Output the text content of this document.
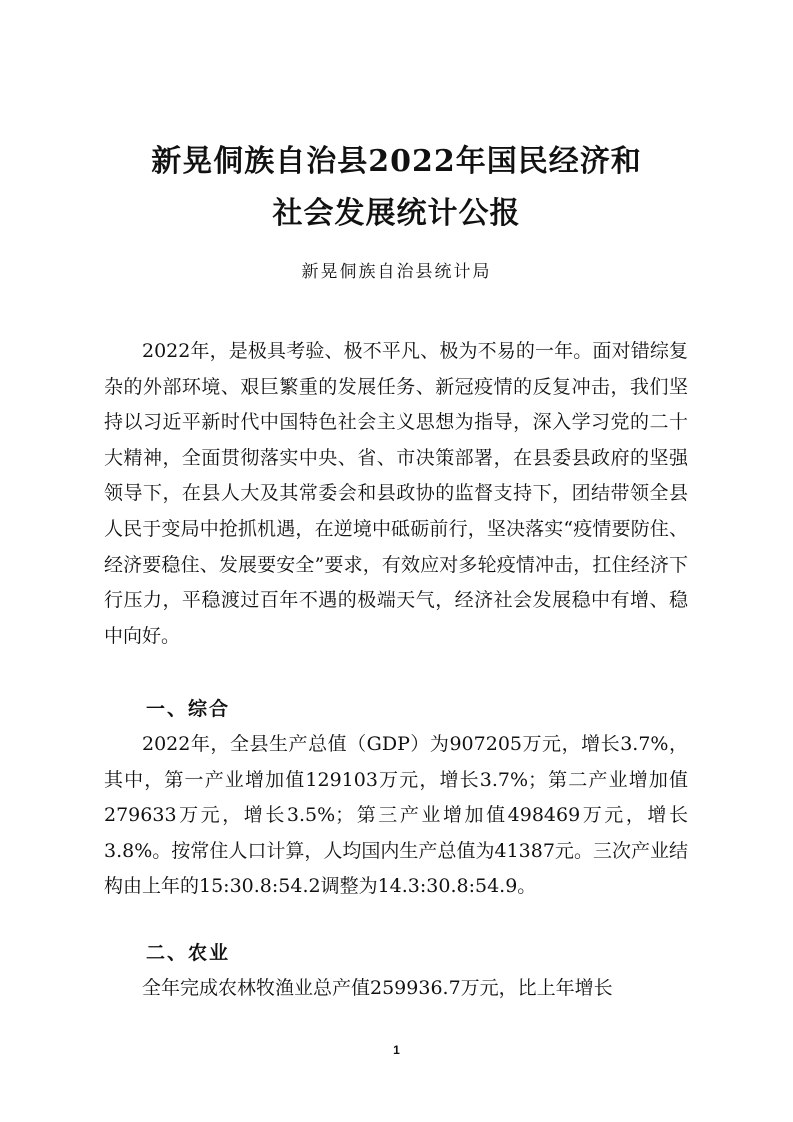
新晃侗族自治县2022年国民经济和
社会发展统计公报
新晃侗族自治县统计局

2022年，是极具考验、极不平凡、极为不易的一年。面对错综复杂的外部环境、艰巨繁重的发展任务、新冠疫情的反复冲击，我们坚持以习近平新时代中国特色社会主义思想为指导，深入学习党的二十大精神，全面贯彻落实中央、省、市决策部署，在县委县政府的坚强领导下，在县人大及其常委会和县政协的监督支持下，团结带领全县人民于变局中抢抓机遇，在逆境中砥砺前行，坚决落实“疫情要防住、经济要稳住、发展要安全”要求，有效应对多轮疫情冲击，扛住经济下行压力，平稳渡过百年不遇的极端天气，经济社会发展稳中有增、稳中向好。

一、综合

2022年，全县生产总值（GDP）为907205万元，增长3.7%，其中，第一产业增加值129103万元，增长3.7%；第二产业增加值279633万元，增长3.5%；第三产业增加值498469万元，增长3.8%。按常住人口计算，人均国内生产总值为41387元。三次产业结构由上年的15:30.8:54.2调整为14.3:30.8:54.9。

二、农业

全年完成农林牧渔业总产值259936.7万元，比上年增长

1
